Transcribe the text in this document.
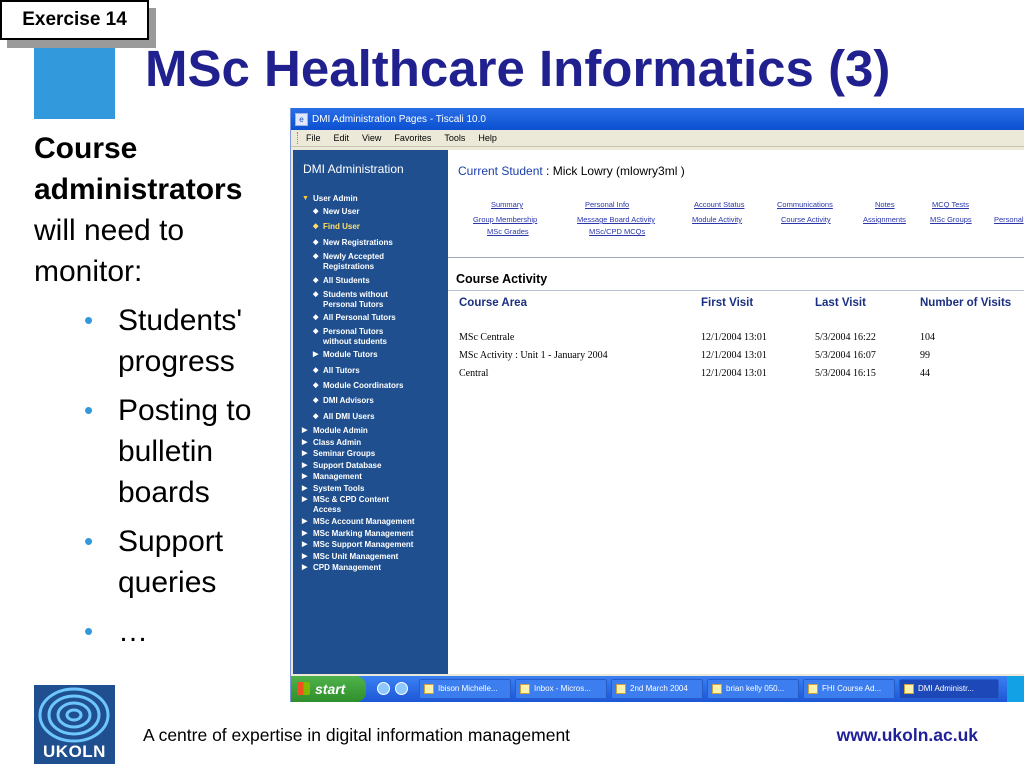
Exercise 14
MSc Healthcare Informatics (3)
Course
administrators
will need to
monitor:
• Students'
progress
• Posting to
bulletin
boards
• Support
queries
• …
e DMI Administration Pages - Tiscali 10.0
File Edit View Favorites Tools Help
DMI Administration
▼ User Admin
◆ New User
◆ Find User
◆ New Registrations
◆ Newly Accepted
Registrations
◆ All Students
◆ Students without
Personal Tutors
◆ All Personal Tutors
◆ Personal Tutors
without students
▶ Module Tutors
◆ All Tutors
◆ Module Coordinators
◆ DMI Advisors
◆ All DMI Users
▶ Module Admin
▶ Class Admin
▶ Seminar Groups
▶ Support Database
▶ Management
▶ System Tools
▶ MSc & CPD Content
Access
▶ MSc Account Management
▶ MSc Marking Management
▶ MSc Support Management
▶ MSc Unit Management
▶ CPD Management
Current Student : Mick Lowry (mlowry3ml )
Summary	Personal Info	Account Status	Communications	Notes	MCQ Tests
Group Membership	Message Board Activity	Module Activity	Course Activity	Assignments	MSc Groups	Personal
MSc Grades	MSc/CPD MCQs
Course Activity
Course Area	First Visit	Last Visit	Number of Visits
MSc Centrale	12/1/2004 13:01	5/3/2004 16:22	104
MSc Activity : Unit 1 - January 2004	12/1/2004 13:01	5/3/2004 16:07	99
Central	12/1/2004 13:01	5/3/2004 16:15	44
start	Ibison Michelle...	Inbox - Micros...	2nd March 2004	brian kelly 050...	FHI Course Ad...	DMI Administr...
UKOLN
A centre of expertise in digital information management	www.ukoln.ac.uk
